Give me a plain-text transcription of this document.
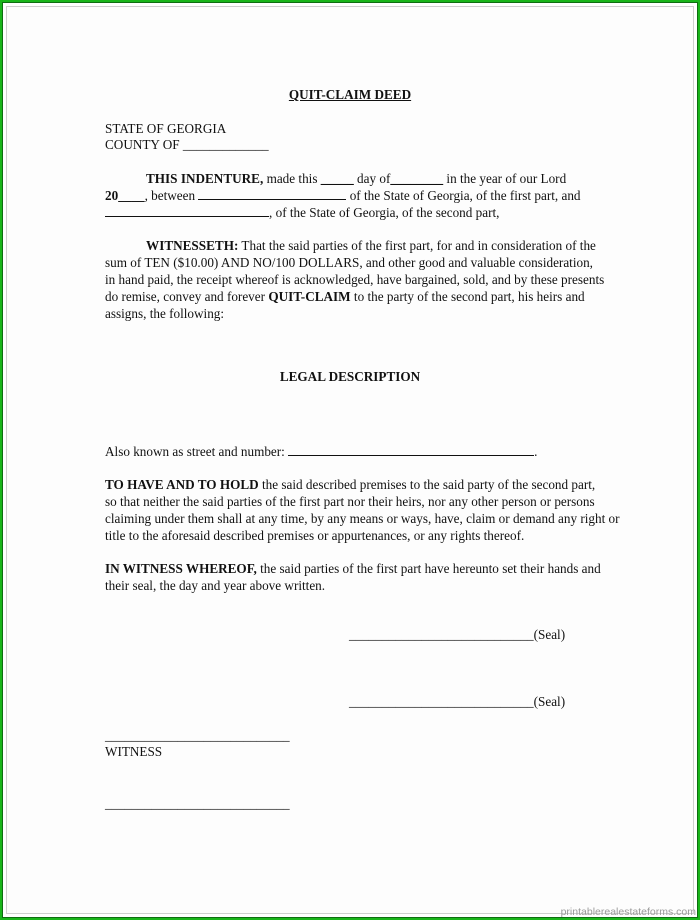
QUIT-CLAIM DEED
STATE OF GEORGIA
COUNTY OF _____________
THIS INDENTURE, made this _____ day of________ in the year of our Lord
20____, between	of the State of Georgia, of the first part, and
, of the State of Georgia, of the second part,
WITNESSETH: That the said parties of the first part, for and in consideration of the
sum of TEN ($10.00) AND NO/100 DOLLARS, and other good and valuable consideration,
in hand paid, the receipt whereof is acknowledged, have bargained, sold, and by these presents
do remise, convey and forever QUIT-CLAIM to the party of the second part, his heirs and
assigns, the following:
LEGAL DESCRIPTION
Also known as street and number:	.
TO HAVE AND TO HOLD the said described premises to the said party of the second part,
so that neither the said parties of the first part nor their heirs, nor any other person or persons
claiming under them shall at any time, by any means or ways, have, claim or demand any right or
title to the aforesaid described premises or appurtenances, or any rights thereof.
IN WITNESS WHEREOF, the said parties of the first part have hereunto set their hands and
their seal, the day and year above written.
____________________________(Seal)
____________________________(Seal)
____________________________
WITNESS
____________________________
printablerealestateforms.com
